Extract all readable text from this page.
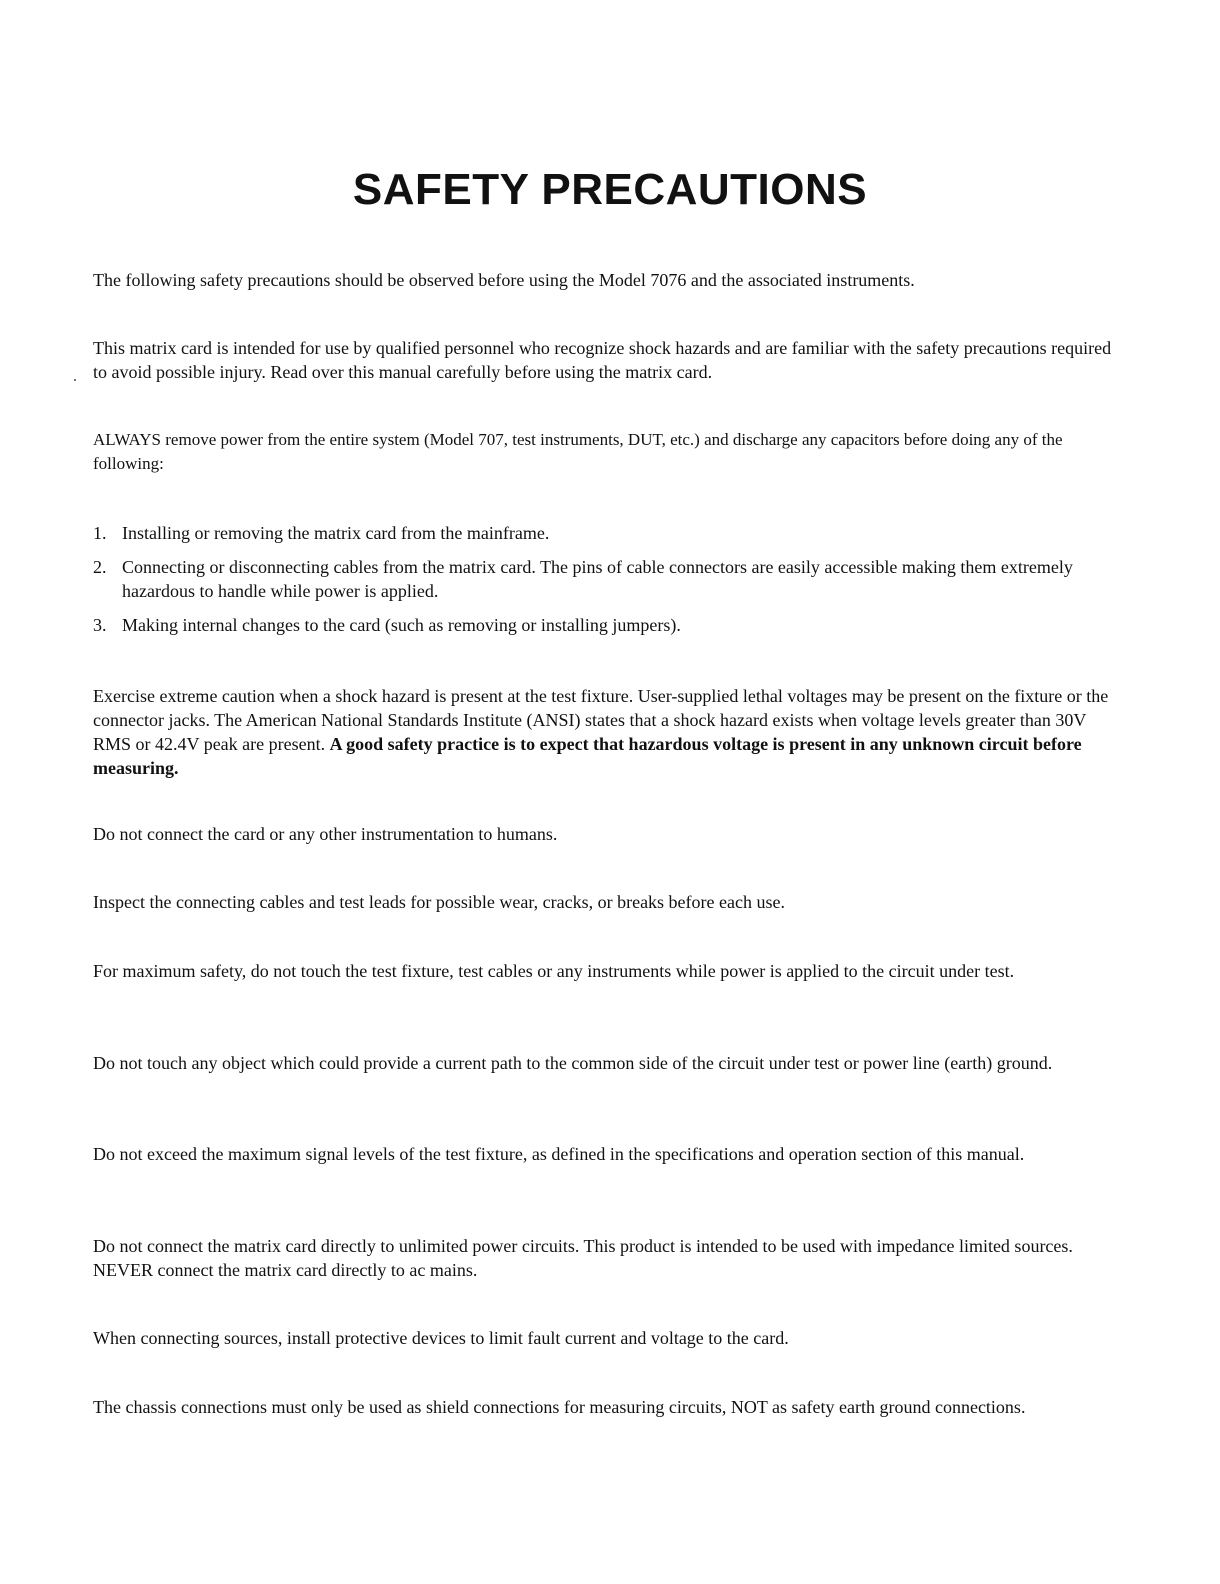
SAFETY PRECAUTIONS

The following safety precautions should be observed before using the Model 7076 and the associated instruments.

This matrix card is intended for use by qualified personnel who recognize shock hazards and are familiar with the safety precautions required to avoid possible injury. Read over this manual carefully before using the matrix card.

ALWAYS remove power from the entire system (Model 707, test instruments, DUT, etc.) and discharge any capacitors before doing any of the following:

1. Installing or removing the matrix card from the mainframe.
2. Connecting or disconnecting cables from the matrix card. The pins of cable connectors are easily accessible making them extremely hazardous to handle while power is applied.
3. Making internal changes to the card (such as removing or installing jumpers).

Exercise extreme caution when a shock hazard is present at the test fixture. User-supplied lethal voltages may be present on the fixture or the connector jacks. The American National Standards Institute (ANSI) states that a shock hazard exists when voltage levels greater than 30V RMS or 42.4V peak are present. A good safety practice is to expect that hazardous voltage is present in any unknown circuit before measuring.

Do not connect the card or any other instrumentation to humans.

Inspect the connecting cables and test leads for possible wear, cracks, or breaks before each use.

For maximum safety, do not touch the test fixture, test cables or any instruments while power is applied to the circuit under test.

Do not touch any object which could provide a current path to the common side of the circuit under test or power line (earth) ground.

Do not exceed the maximum signal levels of the test fixture, as defined in the specifications and operation section of this manual.

Do not connect the matrix card directly to unlimited power circuits. This product is intended to be used with impedance limited sources. NEVER connect the matrix card directly to ac mains.

When connecting sources, install protective devices to limit fault current and voltage to the card.

The chassis connections must only be used as shield connections for measuring circuits, NOT as safety earth ground connections.
